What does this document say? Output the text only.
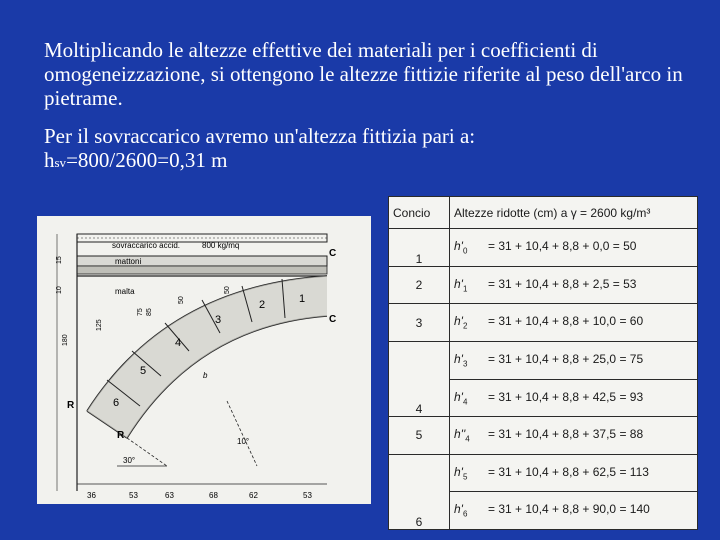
Moltiplicando le altezze effettive dei materiali per i coefficienti di omogeneizzazione, si ottengono le altezze fittizie riferite al peso dell'arco in pietrame.

Per il sovraccarico avremo un'altezza fittizia pari a:
hsv=800/2600=0,31 m

1
2
3
4
5
6
sovraccarico accid.	800 kg/mq
mattoni
malta
C
C
R
R
30°
10°
b
15
10
125
180
75 85
50
50
36	53	63	68	62	53
Concio	Altezze ridotte (cm) a γ = 2600 kg/m³
1	$h'_0 = 31 + 10,4 + 8,8 + 0,0 = 50$
2	$h'_1 = 31 + 10,4 + 8,8 + 2,5 = 53$
3	$h'_2 = 31 + 10,4 + 8,8 + 10,0 = 60$
4	$h'_3 = 31 + 10,4 + 8,8 + 25,0 = 75$
	$h'_4 = 31 + 10,4 + 8,8 + 42,5 = 93$
5	$h''_4 = 31 + 10,4 + 8,8 + 37,5 = 88$
6	$h'_5 = 31 + 10,4 + 8,8 + 62,5 = 113$
	$h'_6 = 31 + 10,4 + 8,8 + 90,0 = 140$
